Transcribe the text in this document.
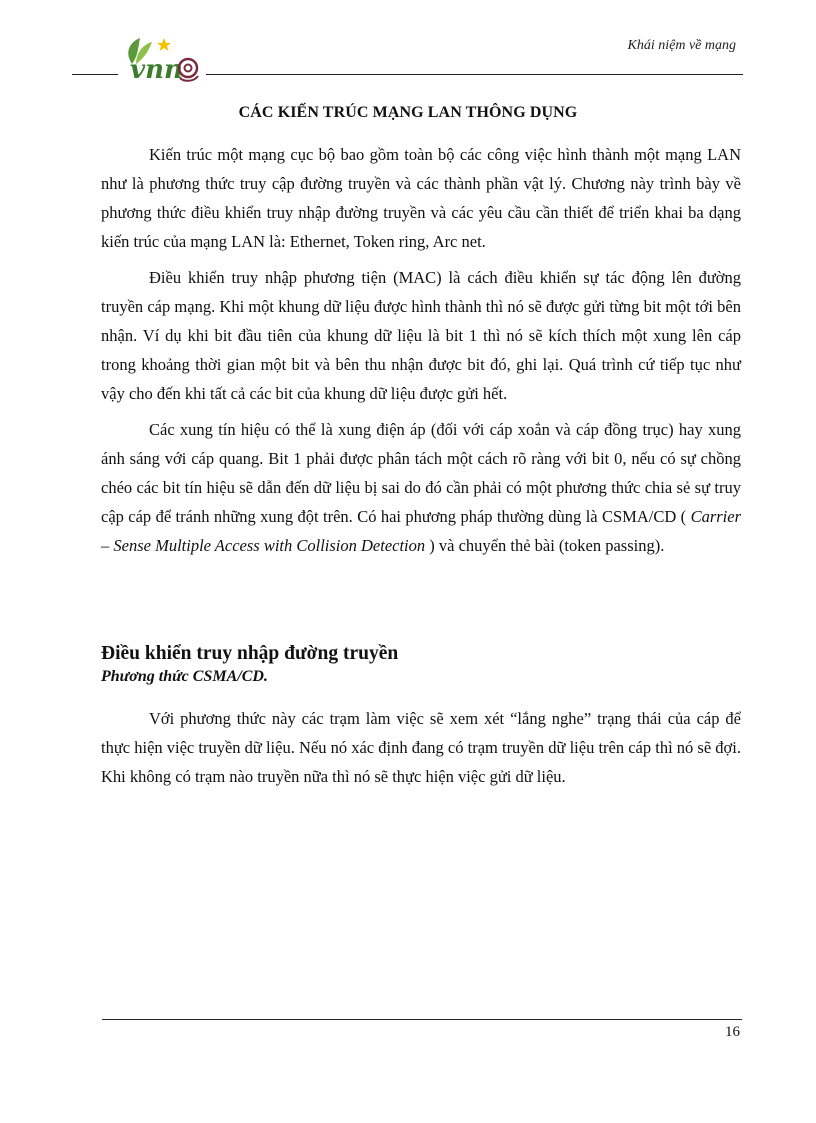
vnn
Khái niệm về mạng
CÁC KIẾN TRÚC MẠNG LAN THÔNG DỤNG

Kiến trúc một mạng cục bộ bao gồm toàn bộ các công việc hình thành một mạng LAN như là phương thức truy cập đường truyền và các thành phần vật lý. Chương này trình bày về phương thức điều khiển truy nhập đường truyền và các yêu cầu cần thiết để triển khai ba dạng kiến trúc của mạng LAN là: Ethernet, Token ring, Arc net.

Điều khiển truy nhập phương tiện (MAC) là cách điều khiển sự tác động lên đường truyền cáp mạng. Khi một khung dữ liệu được hình thành thì nó sẽ được gửi từng bit một tới bên nhận. Ví dụ khi bit đầu tiên của khung dữ liệu là bit 1 thì nó sẽ kích thích một xung lên cáp trong khoảng thời gian một bit và bên thu nhận được bit đó, ghi lại. Quá trình cứ tiếp tục như vậy cho đến khi tất cả các bit của khung dữ liệu được gửi hết.

Các xung tín hiệu có thể là xung điện áp (đối với cáp xoắn và cáp đồng trục) hay xung ánh sáng với cáp quang. Bit 1 phải được phân tách một cách rõ ràng với bit 0, nếu có sự chồng chéo các bit tín hiệu sẽ dẫn đến dữ liệu bị sai do đó cần phải có một phương thức chia sẻ sự truy cập cáp để tránh những xung đột trên. Có hai phương pháp thường dùng là CSMA/CD ( Carrier – Sense Multiple Access with Collision Detection ) và chuyển thẻ bài (token passing).

Điều khiển truy nhập đường truyền
Phương thức CSMA/CD.

Với phương thức này các trạm làm việc sẽ xem xét “lắng nghe” trạng thái của cáp để thực hiện việc truyền dữ liệu. Nếu nó xác định đang có trạm truyền dữ liệu trên cáp thì nó sẽ đợi. Khi không có trạm nào truyền nữa thì nó sẽ thực hiện việc gửi dữ liệu.

16
